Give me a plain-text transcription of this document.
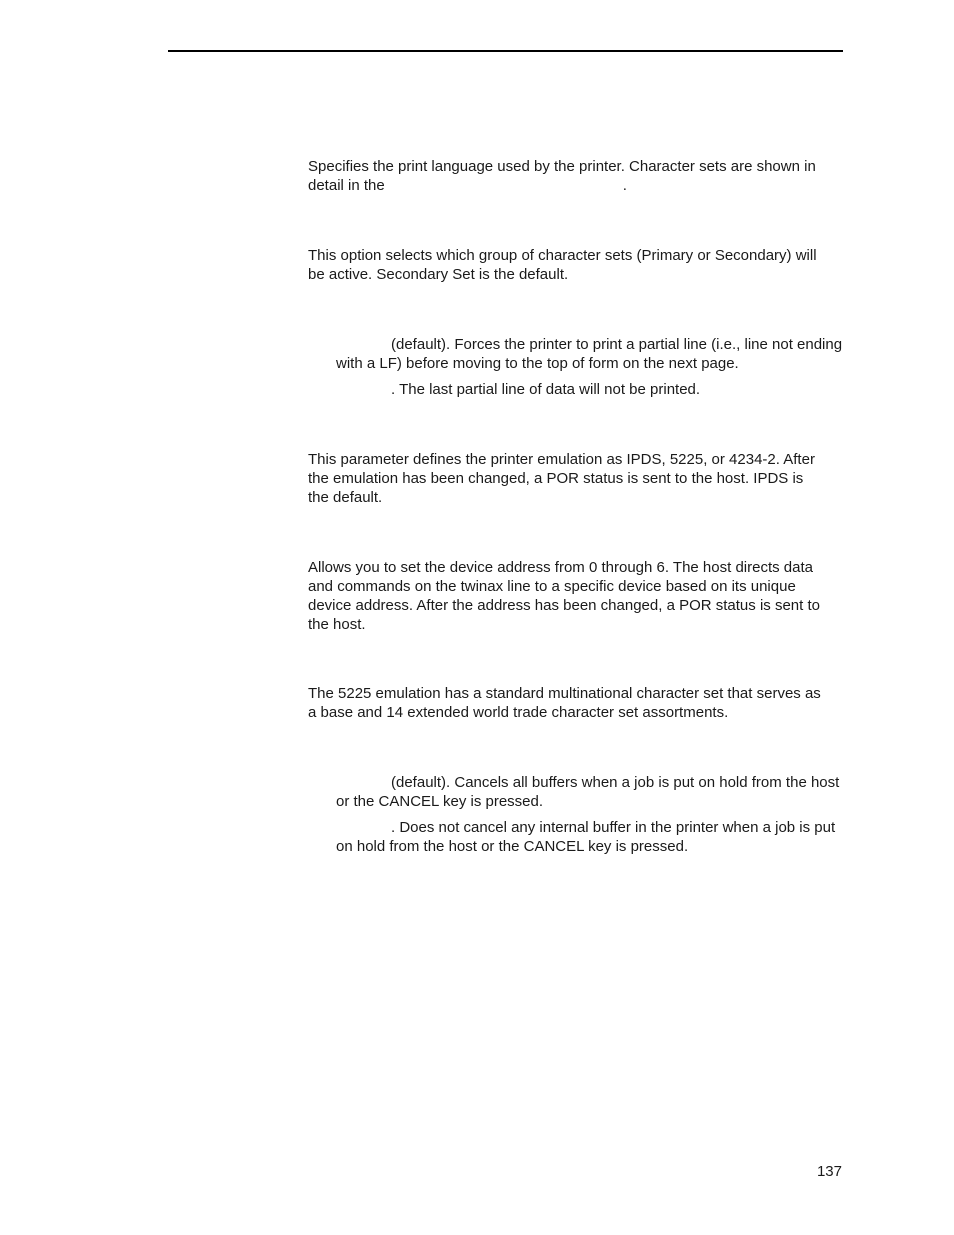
Specifies the print language used by the printer. Character sets are shown in
detail in the	.

This option selects which group of character sets (Primary or Secondary) will
be active. Secondary Set is the default.

(default). Forces the printer to print a partial line (i.e., line not ending with a LF) before moving to the top of form on the next page.

. The last partial line of data will not be printed.

This parameter defines the printer emulation as IPDS, 5225, or 4234-2. After
the emulation has been changed, a POR status is sent to the host. IPDS is
the default.

Allows you to set the device address from 0 through 6. The host directs data
and commands on the twinax line to a specific device based on its unique
device address. After the address has been changed, a POR status is sent to
the host.

The 5225 emulation has a standard multinational character set that serves as
a base and 14 extended world trade character set assortments.

(default). Cancels all buffers when a job is put on hold from the host or the CANCEL key is pressed.

. Does not cancel any internal buffer in the printer when a job is put on hold from the host or the CANCEL key is pressed.

137
